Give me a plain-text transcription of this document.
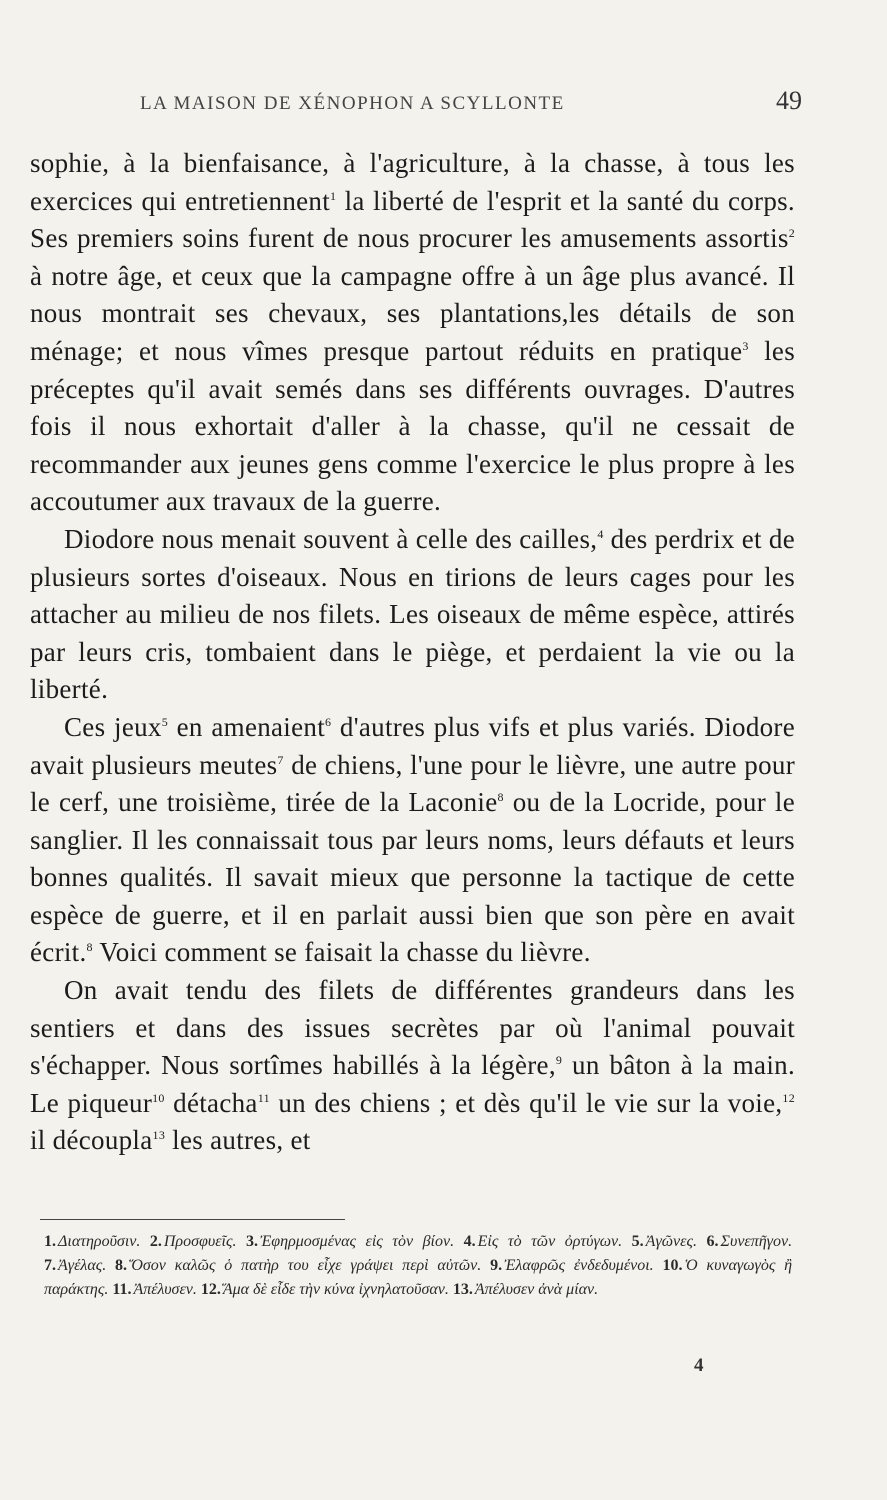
LA MAISON DE XÉNOPHON A SCYLLONTE	49

sophie, à la bienfaisance, à l'agriculture, à la chasse, à tous les exercices qui entretiennent$^1$ la liberté de l'esprit et la santé du corps. Ses premiers soins furent de nous procurer les amusements assortis$^2$ à notre âge, et ceux que la campagne offre à un âge plus avancé. Il nous montrait ses chevaux, ses plantations,les détails de son ménage; et nous vîmes presque partout réduits en pratique$^3$ les préceptes qu'il avait semés dans ses différents ouvrages. D'autres fois il nous exhortait d'aller à la chasse, qu'il ne cessait de recommander aux jeunes gens comme l'exercice le plus propre à les accoutumer aux travaux de la guerre.

Diodore nous menait souvent à celle des cailles,$^4$ des perdrix et de plusieurs sortes d'oiseaux. Nous en tirions de leurs cages pour les attacher au milieu de nos filets. Les oiseaux de même espèce, attirés par leurs cris, tombaient dans le piège, et perdaient la vie ou la liberté.

Ces jeux$^5$ en amenaient$^6$ d'autres plus vifs et plus variés. Diodore avait plusieurs meutes$^7$ de chiens, l'une pour le lièvre, une autre pour le cerf, une troisième, tirée de la Laconie$^8$ ou de la Locride, pour le sanglier. Il les connaissait tous par leurs noms, leurs défauts et leurs bonnes qualités. Il savait mieux que personne la tactique de cette espèce de guerre, et il en parlait aussi bien que son père en avait écrit.$^8$ Voici comment se faisait la chasse du lièvre.

On avait tendu des filets de différentes grandeurs dans les sentiers et dans des issues secrètes par où l'animal pouvait s'échapper. Nous sortîmes habillés à la légère,$^9$ un bâton à la main. Le piqueur$^{10}$ détacha$^{11}$ un des chiens ; et dès qu'il le vie sur la voie,$^{12}$ il découpla$^{13}$ les autres, et

1. Διατηροῦσιν. 2. Προσφυεῖς. 3. Ἐφηρμοσμένας εἰς τὸν βίον. 4. Εἰς τὸ τῶν ὀρτύγων. 5. Ἀγῶνες. 6. Συνεπῆγον. 7. Ἀγέλας. 8. Ὅσον καλῶς ὁ πατὴρ του εἶχε γράψει περὶ αὐτῶν. 9. Ἐλαφρῶς ἐνδεδυμένοι. 10. Ὁ κυναγωγὸς ἢ παράκτης. 11. Ἀπέλυσεν. 12. Ἅμα δὲ εἶδε τὴν κύνα ἰχνηλατοῦσαν. 13. Ἀπέλυσεν ἀνὰ μίαν.
4
